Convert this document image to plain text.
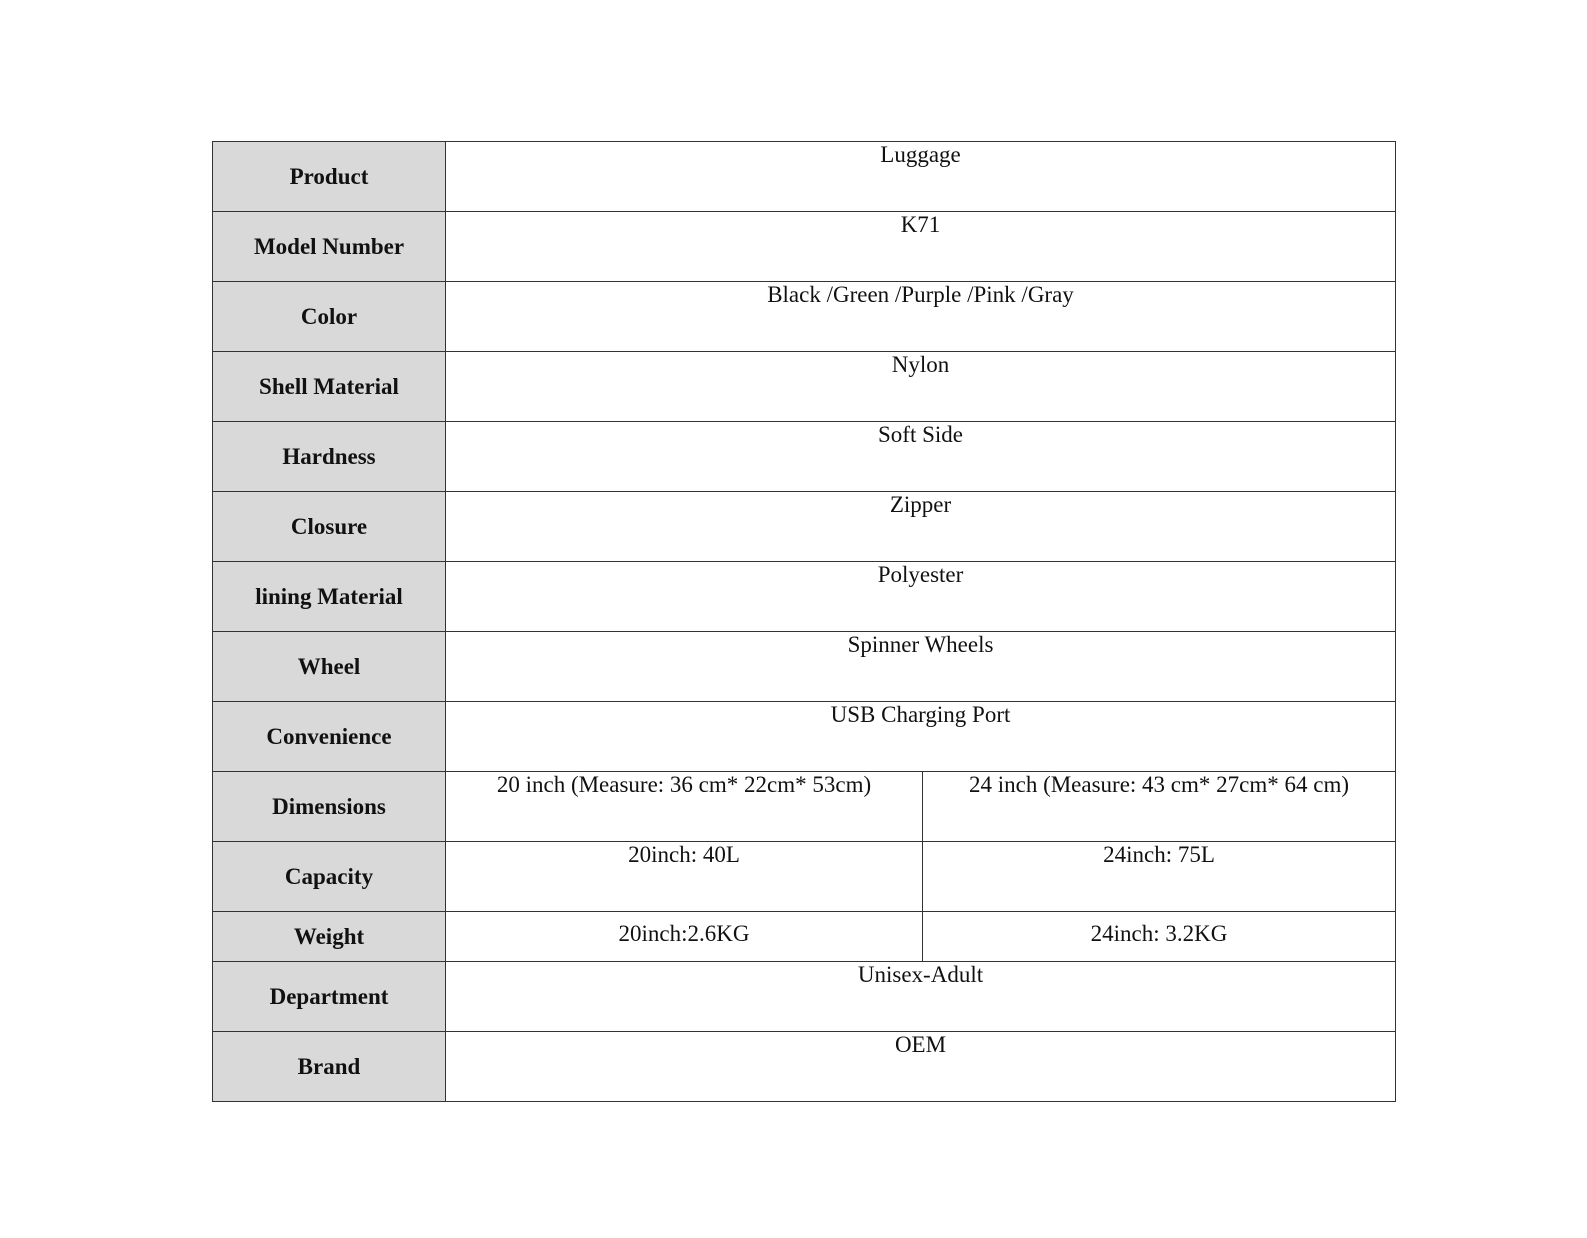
Product	Luggage	
Model Number	K71	
Color	Black /Green /Purple /Pink /Gray	
Shell Material	Nylon	
Hardness	Soft Side	
Closure	Zipper	
lining Material	Polyester	
Wheel	Spinner Wheels	
Convenience	USB Charging Port	
Dimensions	20 inch (Measure: 36 cm* 22cm* 53cm)	24 inch (Measure: 43 cm* 27cm* 64 cm)
Capacity	20inch: 40L	24inch: 75L
Weight	20inch:2.6KG	24inch: 3.2KG
Department	Unisex-Adult	
Brand	OEM	
